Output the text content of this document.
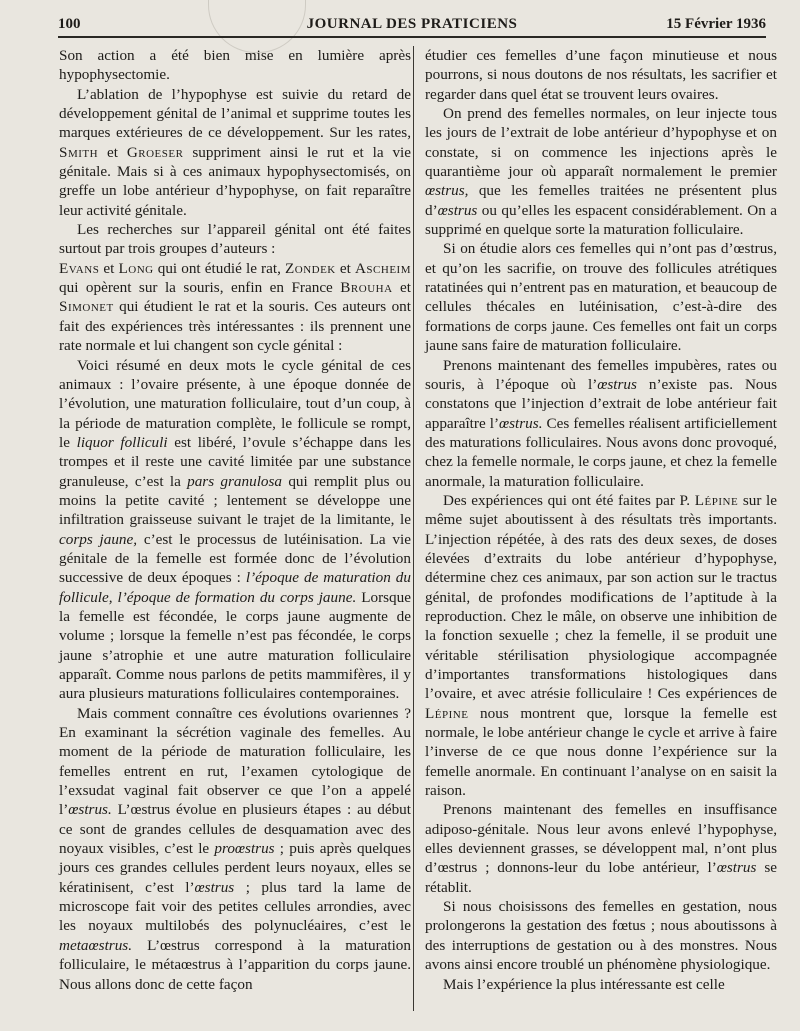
100	JOURNAL DES PRATICIENS	15 Février 1936

Son action a été bien mise en lumière après hypophysectomie.

L’ablation de l’hypophyse est suivie du retard de développement génital de l’animal et supprime toutes les marques extérieures de ce développement. Sur les rates, Smith et Groeser suppriment ainsi le rut et la vie génitale. Mais si à ces animaux hypophysectomisés, on greffe un lobe antérieur d’hypophyse, on fait reparaître leur activité génitale.

Les recherches sur l’appareil génital ont été faites surtout par trois groupes d’auteurs :

Evans et Long qui ont étudié le rat, Zondek et Ascheim qui opèrent sur la souris, enfin en France Brouha et Simonet qui étudient le rat et la souris. Ces auteurs ont fait des expériences très intéressantes : ils prennent une rate normale et lui changent son cycle génital :

Voici résumé en deux mots le cycle génital de ces animaux : l’ovaire présente, à une époque donnée de l’évolution, une maturation folliculaire, tout d’un coup, à la période de maturation complète, le follicule se rompt, le liquor folliculi est libéré, l’ovule s’échappe dans les trompes et il reste une cavité limitée par une substance granuleuse, c’est la pars granulosa qui remplit plus ou moins la petite cavité ; lentement se développe une infiltration graisseuse suivant le trajet de la limitante, le corps jaune, c’est le processus de lutéinisation. La vie génitale de la femelle est formée donc de l’évolution successive de deux époques : l’époque de maturation du follicule, l’époque de formation du corps jaune. Lorsque la femelle est fécondée, le corps jaune augmente de volume ; lorsque la femelle n’est pas fécondée, le corps jaune s’atrophie et une autre maturation folliculaire apparaît. Comme nous parlons de petits mammifères, il y aura plusieurs maturations folliculaires contemporaines.

Mais comment connaître ces évolutions ovariennes ? En examinant la sécrétion vaginale des femelles. Au moment de la période de maturation folliculaire, les femelles entrent en rut, l’examen cytologique de l’exsudat vaginal fait observer ce que l’on a appelé l’œstrus. L’œstrus évolue en plusieurs étapes : au début ce sont de grandes cellules de desquamation avec des noyaux visibles, c’est le proœstrus ; puis après quelques jours ces grandes cellules perdent leurs noyaux, elles se kératinisent, c’est l’œstrus ; plus tard la lame de microscope fait voir des petites cellules arrondies, avec les noyaux multilobés des polynucléaires, c’est le metaœstrus. L’œstrus correspond à la maturation folliculaire, le métaœstrus à l’apparition du corps jaune. Nous allons donc de cette façon

étudier ces femelles d’une façon minutieuse et nous pourrons, si nous doutons de nos résultats, les sacrifier et regarder dans quel état se trouvent leurs ovaires.

On prend des femelles normales, on leur injecte tous les jours de l’extrait de lobe antérieur d’hypophyse et on constate, si on commence les injections après le quarantième jour où apparaît normalement le premier œstrus, que les femelles traitées ne présentent plus d’œstrus ou qu’elles les espacent considérablement. On a supprimé en quelque sorte la maturation folliculaire.

Si on étudie alors ces femelles qui n’ont pas d’œstrus, et qu’on les sacrifie, on trouve des follicules atrétiques ratatinées qui n’entrent pas en maturation, et beaucoup de cellules thécales en lutéinisation, c’est-à-dire des formations de corps jaune. Ces femelles ont fait un corps jaune sans faire de maturation folliculaire.

Prenons maintenant des femelles impubères, rates ou souris, à l’époque où l’œstrus n’existe pas. Nous constatons que l’injection d’extrait de lobe antérieur fait apparaître l’œstrus. Ces femelles réalisent artificiellement des maturations folliculaires. Nous avons donc provoqué, chez la femelle normale, le corps jaune, et chez la femelle anormale, la maturation folliculaire.

Des expériences qui ont été faites par P. Lépine sur le même sujet aboutissent à des résultats très importants. L’injection répétée, à des rats des deux sexes, de doses élevées d’extraits du lobe antérieur d’hypophyse, détermine chez ces animaux, par son action sur le tractus génital, de profondes modifications de l’aptitude à la reproduction. Chez le mâle, on observe une inhibition de la fonction sexuelle ; chez la femelle, il se produit une véritable stérilisation physiologique accompagnée d’importantes transformations histologiques dans l’ovaire, et avec atrésie folliculaire ! Ces expériences de Lépine nous montrent que, lorsque la femelle est normale, le lobe antérieur change le cycle et arrive à faire l’inverse de ce que nous donne l’expérience sur la femelle anormale. En continuant l’analyse on en saisit la raison.

Prenons maintenant des femelles en insuffisance adiposo-génitale. Nous leur avons enlevé l’hypophyse, elles deviennent grasses, se développent mal, n’ont plus d’œstrus ; donnons-leur du lobe antérieur, l’œstrus se rétablit.

Si nous choisissons des femelles en gestation, nous prolongerons la gestation des fœtus ; nous aboutissons à des interruptions de gestation ou à des monstres. Nous avons ainsi encore troublé un phénomène physiologique.

Mais l’expérience la plus intéressante est celle
